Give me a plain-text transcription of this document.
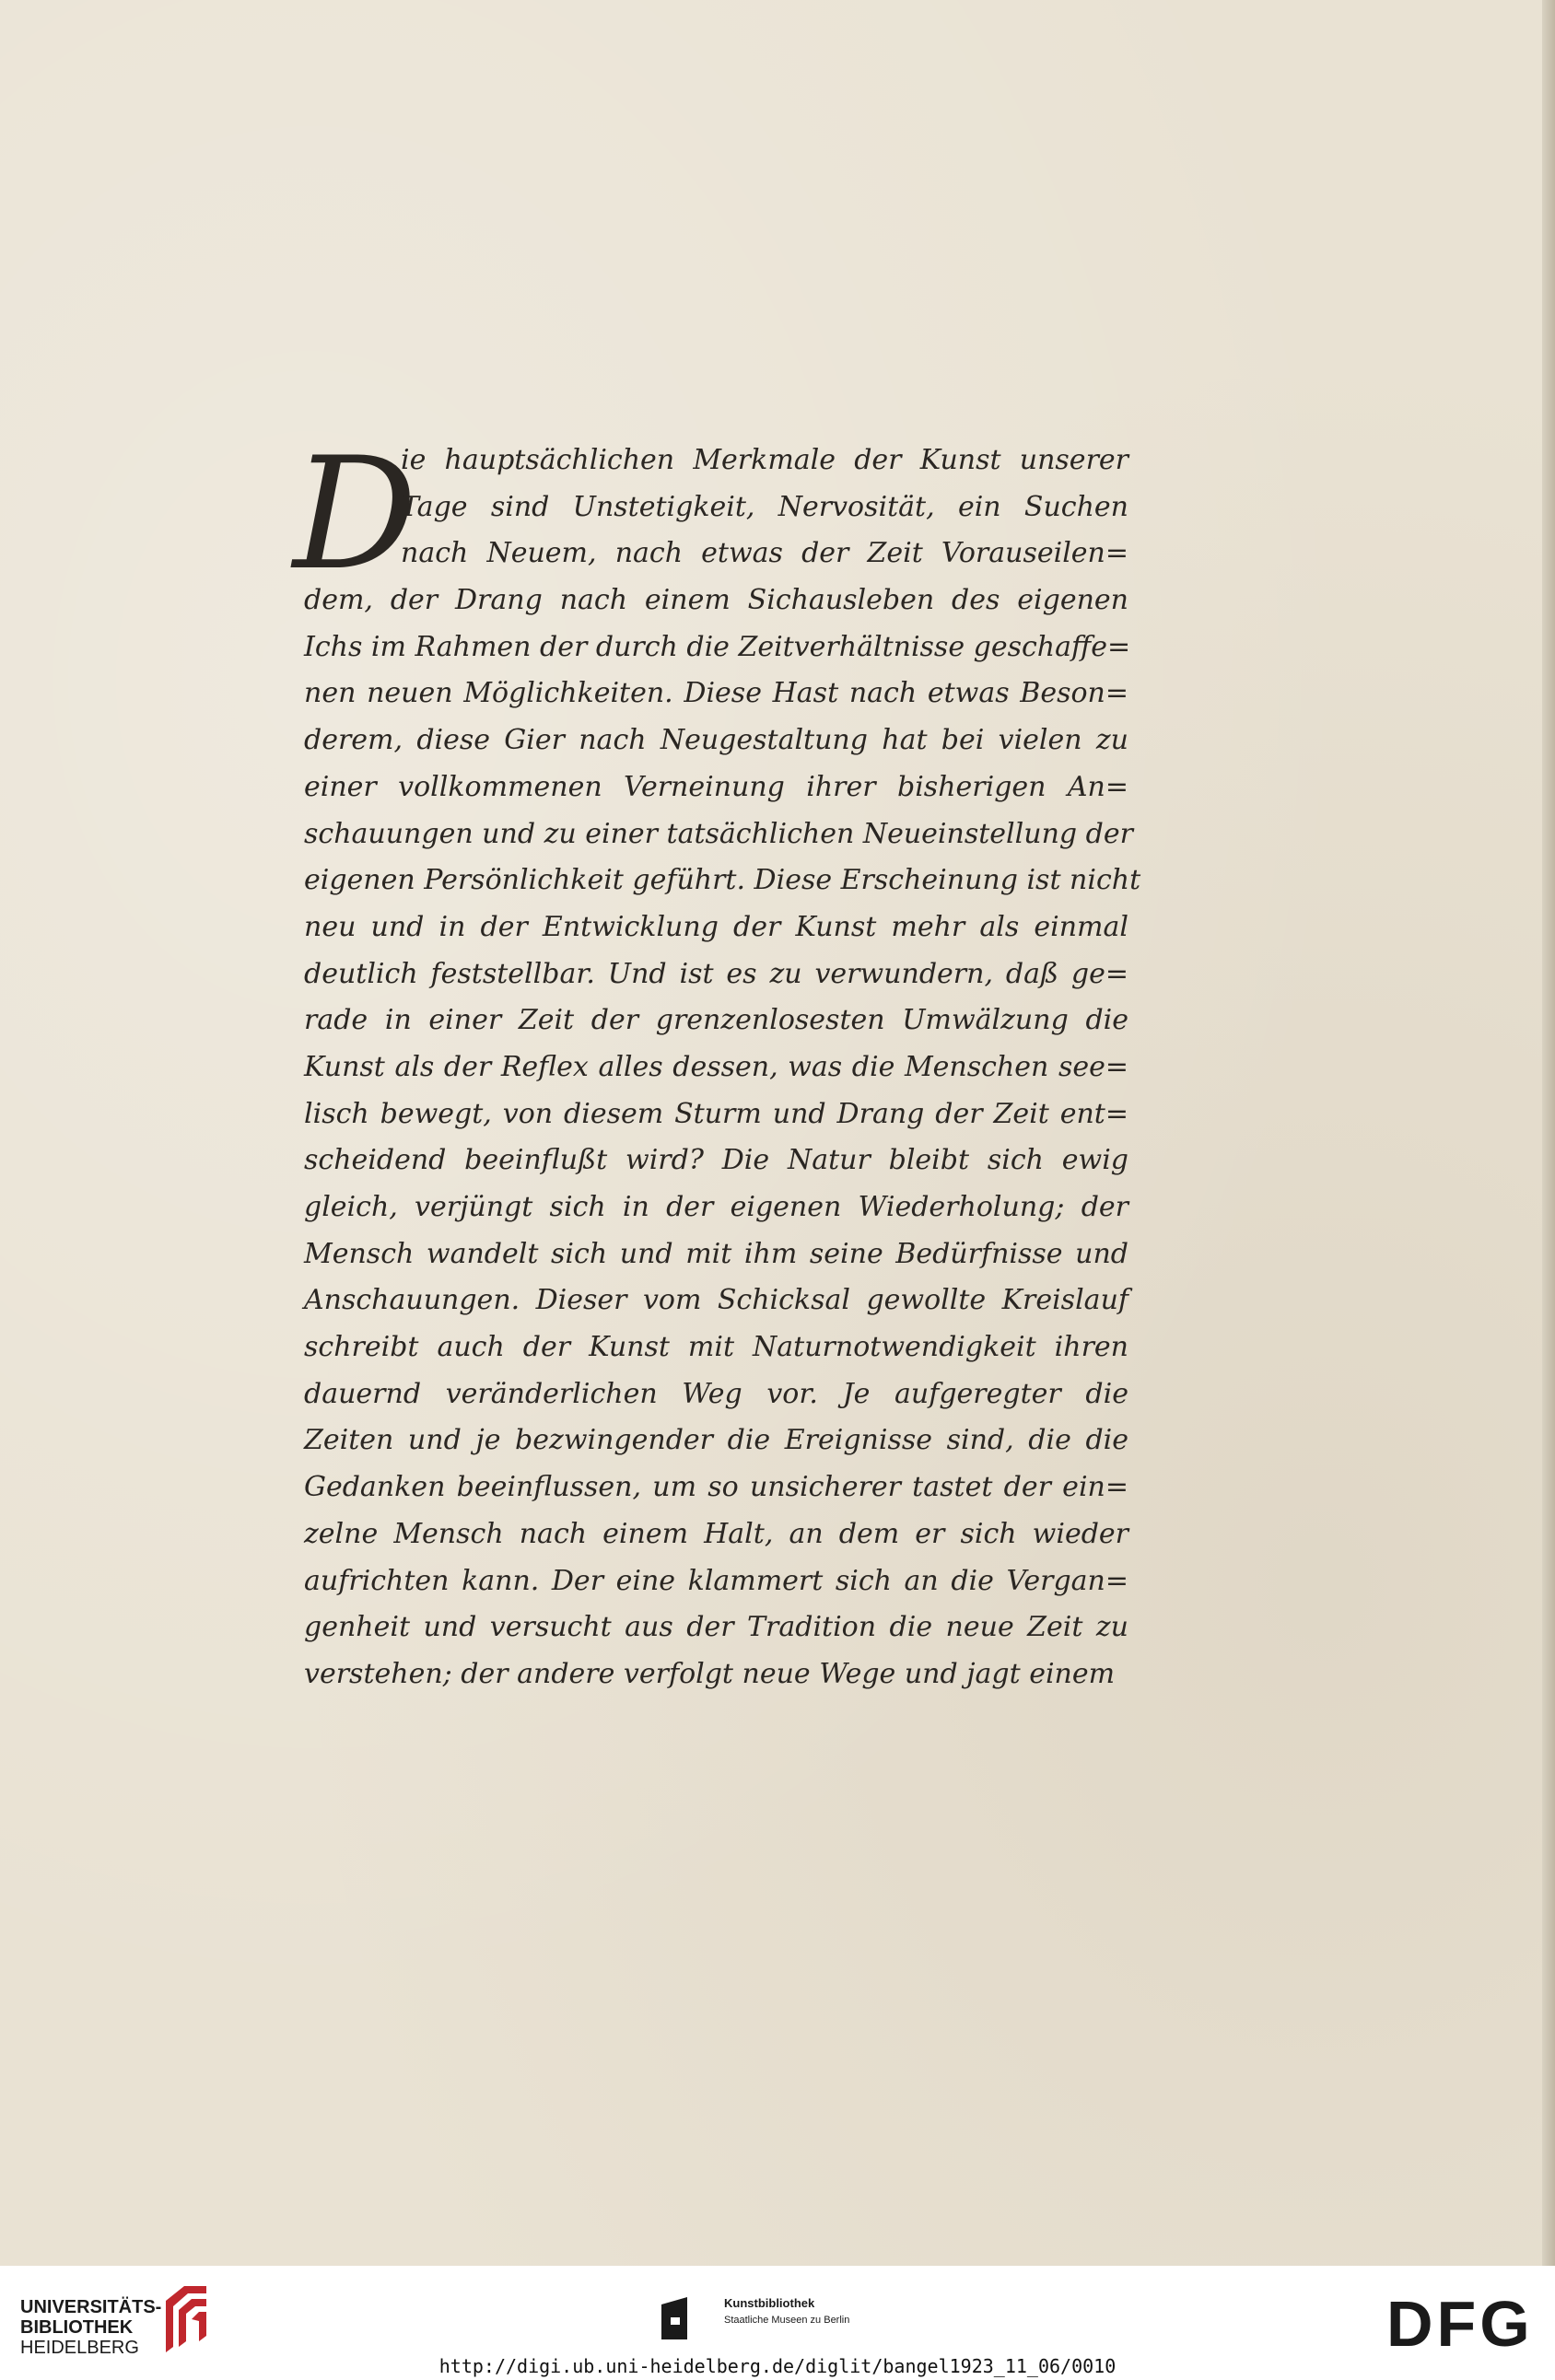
D
ie hauptsächlichen Merkmale der Kunst unserer
Tage sind Unstetigkeit, Nervosität, ein Suchen
nach Neuem, nach etwas der Zeit Vorauseilen=
dem, der Drang nach einem Sichausleben des eigenen
Ichs im Rahmen der durch die Zeitverhältnisse geschaffe=
nen neuen Möglichkeiten. Diese Hast nach etwas Beson=
derem, diese Gier nach Neugestaltung hat bei vielen zu
einer vollkommenen Verneinung ihrer bisherigen An=
schauungen und zu einer tatsächlichen Neueinstellung der
eigenen Persönlichkeit geführt. Diese Erscheinung ist nicht
neu und in der Entwicklung der Kunst mehr als einmal
deutlich feststellbar. Und ist es zu verwundern, daß ge=
rade in einer Zeit der grenzenlosesten Umwälzung die
Kunst als der Reflex alles dessen, was die Menschen see=
lisch bewegt, von diesem Sturm und Drang der Zeit ent=
scheidend beeinflußt wird? Die Natur bleibt sich ewig
gleich, verjüngt sich in der eigenen Wiederholung; der
Mensch wandelt sich und mit ihm seine Bedürfnisse und
Anschauungen. Dieser vom Schicksal gewollte Kreislauf
schreibt auch der Kunst mit Naturnotwendigkeit ihren
dauernd veränderlichen Weg vor. Je aufgeregter die
Zeiten und je bezwingender die Ereignisse sind, die die
Gedanken beeinflussen, um so unsicherer tastet der ein=
zelne Mensch nach einem Halt, an dem er sich wieder
aufrichten kann. Der eine klammert sich an die Vergan=
genheit und versucht aus der Tradition die neue Zeit zu
verstehen; der andere verfolgt neue Wege und jagt einem
UNIVERSITÄTS-
BIBLIOTHEK
HEIDELBERG
Kunstbibliothek
Staatliche Museen zu Berlin	DFG
http://digi.ub.uni-heidelberg.de/diglit/bangel1923_11_06/0010
